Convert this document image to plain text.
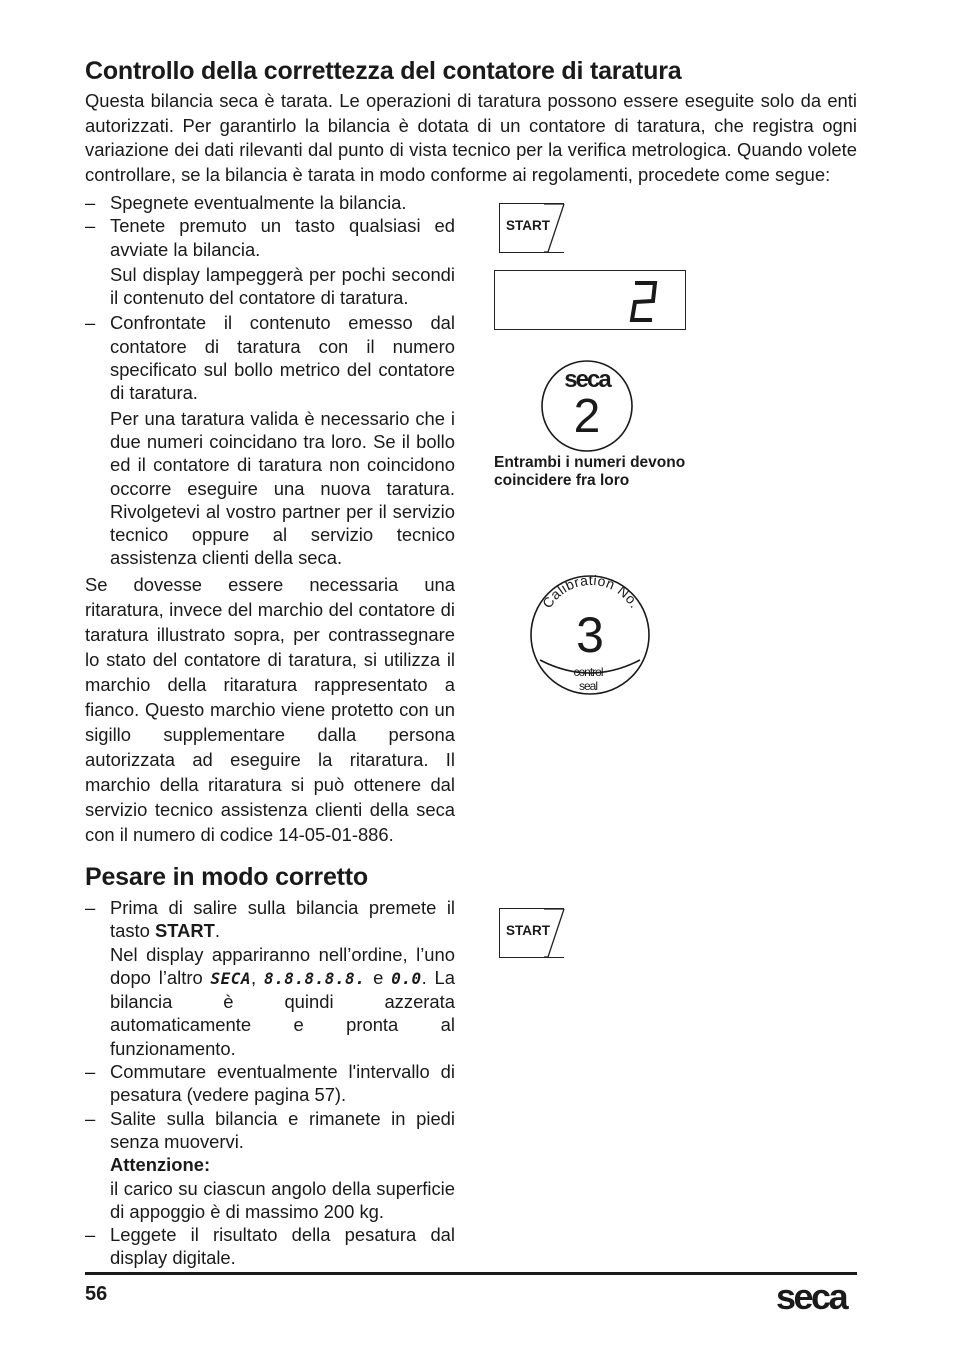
Controllo della correttezza del contatore di taratura
Questa bilancia seca è tarata. Le operazioni di taratura possono essere eseguite solo da enti autorizzati. Per garantirlo la bilancia è dotata di un contatore di taratura, che registra ogni variazione dei dati rilevanti dal punto di vista tecnico per la verifica metrologica. Quando volete controllare, se la bilancia è tarata in modo conforme ai regolamenti, procedete come segue:
– Spegnete eventualmente la bilancia.
– Tenete premuto un tasto qualsiasi ed avviate la bilancia.
Sul display lampeggerà per pochi secondi il contenuto del contatore di taratura.
– Confrontate il contenuto emesso dal contatore di taratura con il numero specificato sul bollo metrico del contatore di taratura.
Per una taratura valida è necessario che i due numeri coincidano tra loro. Se il bollo ed il contatore di taratura non coincidono occorre eseguire una nuova taratura. Rivolgetevi al vostro partner per il servizio tecnico oppure al servizio tecnico assistenza clienti della seca.
Se dovesse essere necessaria una ritaratura, invece del marchio del contatore di taratura illustrato sopra, per contrassegnare lo stato del contatore di taratura, si utilizza il marchio della ritaratura rappresentato a fianco. Questo marchio viene protetto con un sigillo supplementare dalla persona autorizzata ad eseguire la ritaratura. Il marchio della ritaratura si può ottenere dal servizio tecnico assistenza clienti della seca con il numero di codice 14-05-01-886.
Pesare in modo corretto
– Prima di salire sulla bilancia premete il tasto START.
Nel display appariranno nell’ordine, l’uno dopo l’altro SECA, 8.8.8.8.8. e 0.0. La bilancia è quindi azzerata automaticamente e pronta al funzionamento.
– Commutare eventualmente l'intervallo di pesatura (vedere pagina 57).
– Salite sulla bilancia e rimanete in piedi senza muovervi.
Attenzione:
il carico su ciascun angolo della superficie di appoggio è di massimo 200 kg.
– Leggete il risultato della pesatura dal display digitale.
START
seca
2
Entrambi i numeri devono coincidere fra loro
Calibration No.
3
control
seal
START
56	seca
